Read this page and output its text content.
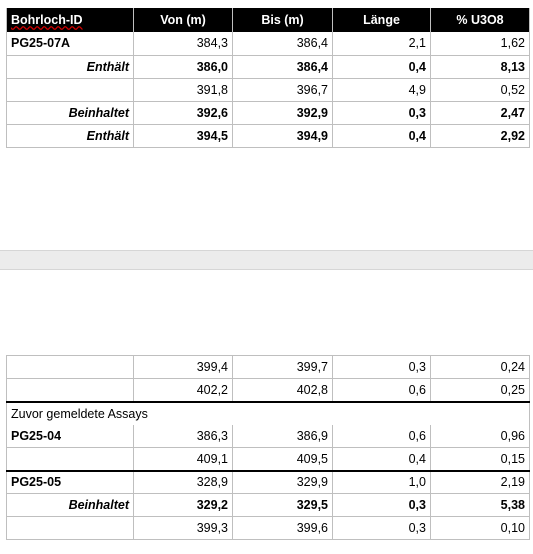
Bohrloch-ID	Von (m)	Bis (m)	Länge	% U3O8
PG25-07A	384,3	386,4	2,1	1,62
Enthält	386,0	386,4	0,4	8,13
	391,8	396,7	4,9	0,52
Beinhaltet	392,6	392,9	0,3	2,47
Enthält	394,5	394,9	0,4	2,92
	399,4	399,7	0,3	0,24
	402,2	402,8	0,6	0,25
Zuvor gemeldete Assays				
PG25-04	386,3	386,9	0,6	0,96
	409,1	409,5	0,4	0,15
PG25-05	328,9	329,9	1,0	2,19
Beinhaltet	329,2	329,5	0,3	5,38
	399,3	399,6	0,3	0,10
